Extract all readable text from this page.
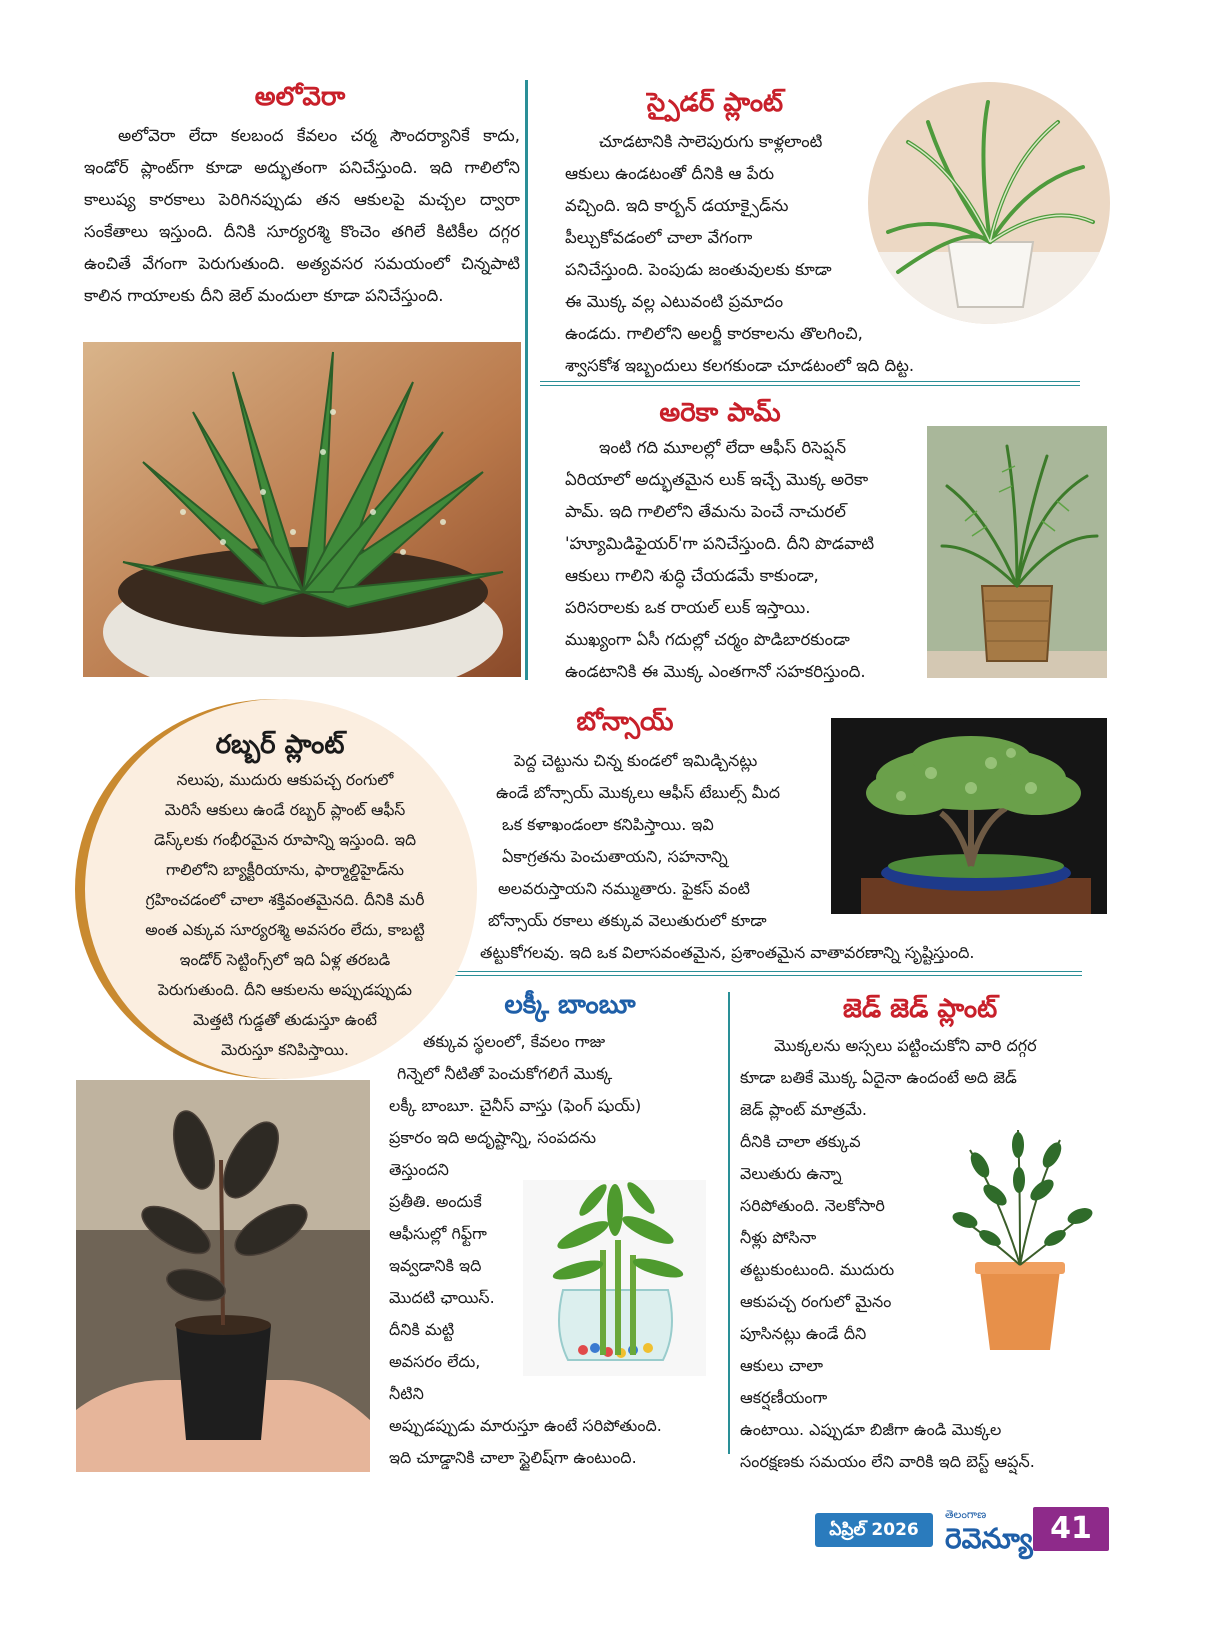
అలోవెరా

అలోవెరా లేదా కలబంద కేవలం చర్మ సౌందర్యానికే కాదు, ఇండోర్ ప్లాంట్‌గా కూడా అద్భుతంగా పనిచేస్తుంది. ఇది గాలిలోని కాలుష్య కారకాలు పెరిగినప్పుడు తన ఆకులపై మచ్చల ద్వారా సంకేతాలు ఇస్తుంది. దీనికి సూర్యరశ్మి కొంచెం తగిలే కిటికీల దగ్గర ఉంచితే వేగంగా పెరుగుతుంది. అత్యవసర సమయంలో చిన్నపాటి కాలిన గాయాలకు దీని జెల్ మందులా కూడా పనిచేస్తుంది.

స్పైడర్ ప్లాంట్

చూడటానికి సాలెపురుగు కాళ్లలాంటి

ఆకులు ఉండటంతో దీనికి ఆ పేరు

వచ్చింది. ఇది కార్బన్ డయాక్సైడ్‌ను

పీల్చుకోవడంలో చాలా వేగంగా

పనిచేస్తుంది. పెంపుడు జంతువులకు కూడా

ఈ మొక్క వల్ల ఎటువంటి ప్రమాదం

ఉండదు. గాలిలోని అలర్జీ కారకాలను తొలగించి,

శ్వాసకోశ ఇబ్బందులు కలగకుండా చూడటంలో ఇది దిట్ట.

అరెకా పామ్

ఇంటి గది మూలల్లో లేదా ఆఫీస్ రిసెప్షన్

ఏరియాలో అద్భుతమైన లుక్ ఇచ్చే మొక్క అరెకా

పామ్. ఇది గాలిలోని తేమను పెంచే నాచురల్

'హ్యూమిడిఫైయర్'గా పనిచేస్తుంది. దీని పొడవాటి

ఆకులు గాలిని శుద్ధి చేయడమే కాకుండా,

పరిసరాలకు ఒక రాయల్ లుక్ ఇస్తాయి.

ముఖ్యంగా ఏసీ గదుల్లో చర్మం పొడిబారకుండా

ఉండటానికి ఈ మొక్క ఎంతగానో సహకరిస్తుంది.

రబ్బర్ ప్లాంట్

నలుపు, ముదురు ఆకుపచ్చ రంగులో

మెరిసే ఆకులు ఉండే రబ్బర్ ప్లాంట్ ఆఫీస్

డెస్క్‌లకు గంభీరమైన రూపాన్ని ఇస్తుంది. ఇది

గాలిలోని బ్యాక్టీరియాను, ఫార్మాల్డిహైడ్‌ను

గ్రహించడంలో చాలా శక్తివంతమైనది. దీనికి మరీ

అంత ఎక్కువ సూర్యరశ్మి అవసరం లేదు, కాబట్టి

ఇండోర్ సెట్టింగ్స్‌లో ఇది ఏళ్ల తరబడి

పెరుగుతుంది. దీని ఆకులను అప్పుడప్పుడు

మెత్తటి గుడ్డతో తుడుస్తూ ఉంటే

మెరుస్తూ కనిపిస్తాయి.

బోన్సాయ్

పెద్ద చెట్టును చిన్న కుండలో ఇమిడ్చినట్లు

ఉండే బోన్సాయ్ మొక్కలు ఆఫీస్ టేబుల్స్ మీద

ఒక కళాఖండంలా కనిపిస్తాయి. ఇవి

ఏకాగ్రతను పెంచుతాయని, సహనాన్ని

అలవరుస్తాయని నమ్ముతారు. ఫైకస్ వంటి

బోన్సాయ్ రకాలు తక్కువ వెలుతురులో కూడా

తట్టుకోగలవు. ఇది ఒక విలాసవంతమైన, ప్రశాంతమైన వాతావరణాన్ని సృష్టిస్తుంది.

లక్కీ బాంబూ

తక్కువ స్థలంలో, కేవలం గాజు

గిన్నెలో నీటితో పెంచుకోగలిగే మొక్క

లక్కీ బాంబూ. చైనీస్ వాస్తు (ఫెంగ్ షుయ్)

ప్రకారం ఇది అదృష్టాన్ని, సంపదను

తెస్తుందని

ప్రతీతి. అందుకే

ఆఫీసుల్లో గిఫ్ట్‌గా

ఇవ్వడానికి ఇది

మొదటి ఛాయిస్.

దీనికి మట్టి

అవసరం లేదు,

నీటిని

అప్పుడప్పుడు మారుస్తూ ఉంటే సరిపోతుంది.

ఇది చూడ్డానికి చాలా స్టైలిష్‌గా ఉంటుంది.

జెడ్ జెడ్ ప్లాంట్

మొక్కలను అస్సలు పట్టించుకోని వారి దగ్గర

కూడా బతికే మొక్క ఏదైనా ఉందంటే అది జెడ్

జెడ్ ప్లాంట్ మాత్రమే.

దీనికి చాలా తక్కువ

వెలుతురు ఉన్నా

సరిపోతుంది. నెలకోసారి

నీళ్లు పోసినా

తట్టుకుంటుంది. ముదురు

ఆకుపచ్చ రంగులో మైనం

పూసినట్లు ఉండే దీని

ఆకులు చాలా

ఆకర్షణీయంగా

ఉంటాయి. ఎప్పుడూ బిజీగా ఉండి మొక్కల

సంరక్షణకు సమయం లేని వారికి ఇది బెస్ట్ ఆప్షన్.

ఏప్రిల్ 2026
తెలంగాణ
రెవెన్యూ 41
